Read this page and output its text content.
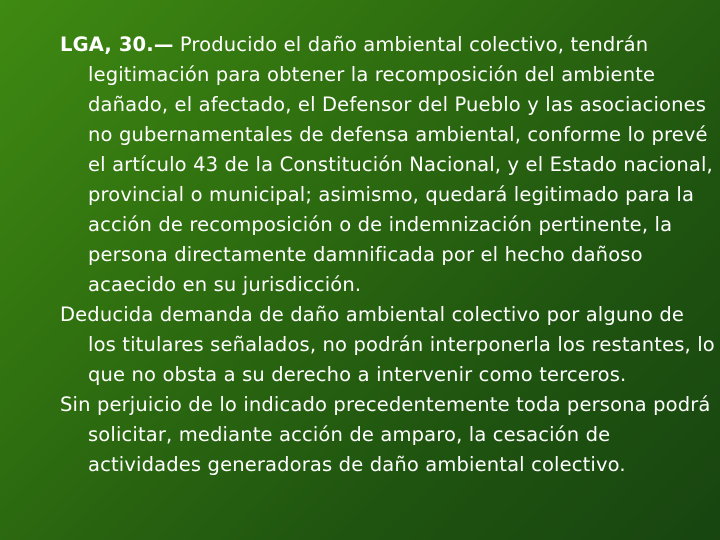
LGA, 30.— Producido el daño ambiental colectivo, tendrán legitimación para obtener la recomposición del ambiente dañado, el afectado, el Defensor del Pueblo y las asociaciones no gubernamentales de defensa ambiental, conforme lo prevé el artículo 43 de la Constitución Nacional, y el Estado nacional, provincial o municipal; asimismo, quedará legitimado para la acción de recomposición o de indemnización pertinente, la persona directamente damnificada por el hecho dañoso acaecido en su jurisdicción.

Deducida demanda de daño ambiental colectivo por alguno de los titulares señalados, no podrán interponerla los restantes, lo que no obsta a su derecho a intervenir como terceros.

Sin perjuicio de lo indicado precedentemente toda persona podrá solicitar, mediante acción de amparo, la cesación de actividades generadoras de daño ambiental colectivo.
